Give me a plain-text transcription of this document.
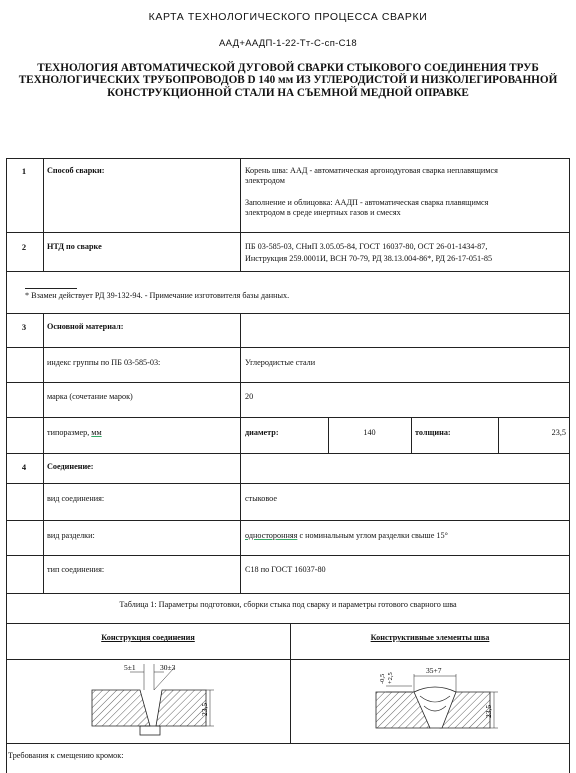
КАРТА ТЕХНОЛОГИЧЕСКОГО ПРОЦЕССА СВАРКИ
ААД+ААДП-1-22-Тт-С-сп-С18
ТЕХНОЛОГИЯ АВТОМАТИЧЕСКОЙ ДУГОВОЙ СВАРКИ СТЫКОВОГО СОЕДИНЕНИЯ ТРУБ ТЕХНОЛОГИЧЕСКИХ ТРУБОПРОВОДОВ D 140 мм ИЗ УГЛЕРОДИСТОЙ И НИЗКОЛЕГИРОВАННОЙ КОНСТРУКЦИОННОЙ СТАЛИ НА СЪЕМНОЙ МЕДНОЙ ОПРАВКЕ
1	Способ сварки:	Корень шва: ААД - автоматическая аргонодуговая сварка неплавящимся
электродом
Заполнение и облицовка: ААДП - автоматическая сварка плавящимся
электродом в среде инертных газов и смесях
2	НТД по сварке	ПБ 03-585-03, СНиП 3.05.05-84, ГОСТ 16037-80, ОСТ 26-01-1434-87,
Инструкция 259.0001И, ВСН 70-79, РД 38.13.004-86*, РД 26-17-051-85
* Взамен действует РД 39-132-94. - Примечание изготовителя базы данных.
3	Основной материал:
индекс группы по ПБ 03-585-03:	Углеродистые стали
марка (сочетание марок)	20
типоразмер, мм	диаметр:	140	толщина:	23,5
4	Соединение:
вид соединения:	стыковое
вид разделки:	односторонняя с номинальным углом разделки свыше 15°
тип соединения:	С18 по ГОСТ 16037-80
Таблица 1: Параметры подготовки, сборки стыка под сварку и параметры готового сварного шва
Конструкция соединения	Конструктивные элементы шва
5±1	30±3
23,5
35+7
-0,5 +2,5
23,5
Требования к смещению кромок:
